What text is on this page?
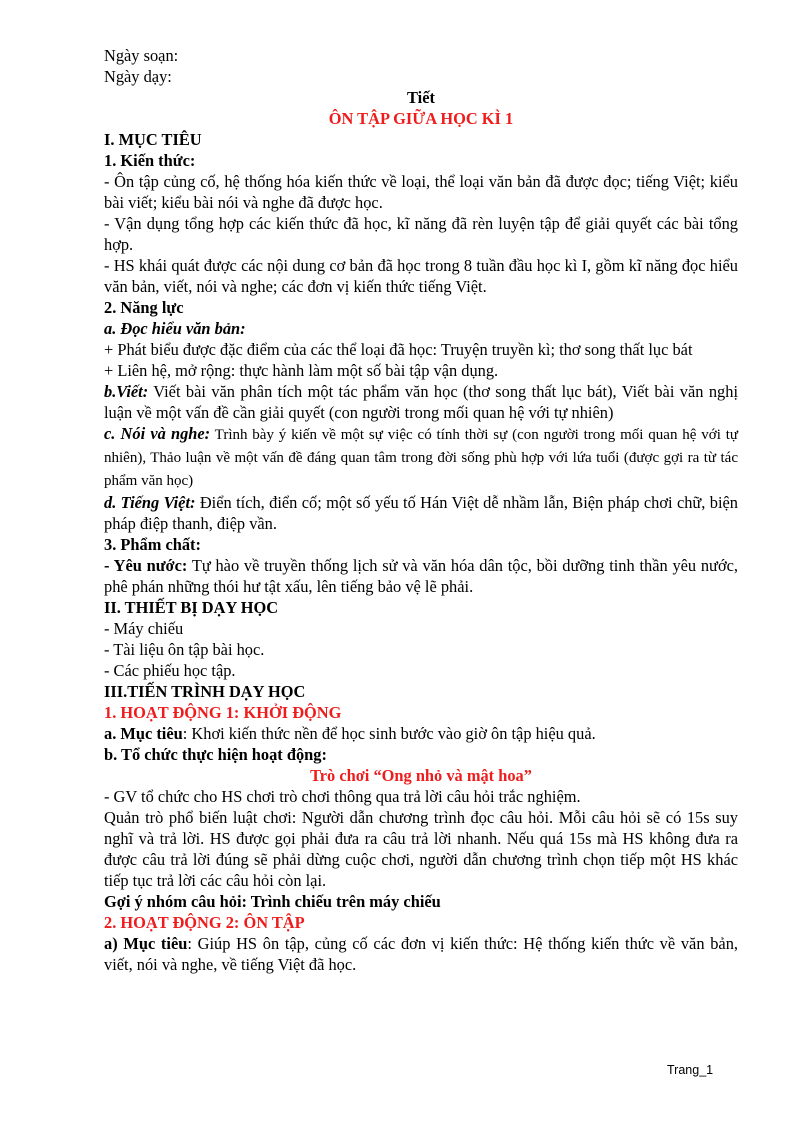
Ngày soạn:

Ngày dạy:

Tiết

ÔN TẬP GIỮA HỌC KÌ 1

I. MỤC TIÊU

1. Kiến thức:

- Ôn tập củng cố, hệ thống hóa kiến thức về loại, thể loại văn bản đã được đọc; tiếng Việt; kiểu bài viết; kiểu bài nói và nghe đã được học.

- Vận dụng tổng hợp các kiến thức đã học, kĩ năng đã rèn luyện tập để giải quyết các bài tổng hợp.

- HS khái quát được các nội dung cơ bản đã học trong 8 tuần đầu học kì I, gồm kĩ năng đọc hiểu văn bản, viết, nói và nghe; các đơn vị kiến thức tiếng Việt.

2. Năng lực

a. Đọc hiểu văn bản:

+ Phát biểu được đặc điểm của các thể loại đã học: Truyện truyền kì; thơ song thất lục bát

+ Liên hệ, mở rộng: thực hành làm một số bài tập vận dụng.

b.Viết: Viết bài văn phân tích một tác phẩm văn học (thơ song thất lục bát), Viết bài văn nghị luận về một vấn đề cần giải quyết (con người trong mối quan hệ với tự nhiên)

c. Nói và nghe: Trình bày ý kiến về một sự việc có tính thời sự (con người trong mối quan hệ với tự nhiên), Thảo luận về một vấn đề đáng quan tâm trong đời sống phù hợp với lứa tuổi (được gợi ra từ tác phẩm văn học)

d. Tiếng Việt: Điển tích, điển cố; một số yếu tố Hán Việt dễ nhầm lẫn, Biện pháp chơi chữ, biện pháp điệp thanh, điệp vần.

3. Phẩm chất:

- Yêu nước: Tự hào về truyền thống lịch sử và văn hóa dân tộc, bồi dưỡng tinh thần yêu nước, phê phán những thói hư tật xấu, lên tiếng bảo vệ lẽ phải.

II. THIẾT BỊ DẠY HỌC

- Máy chiếu

- Tài liệu ôn tập bài học.

- Các phiếu học tập.

III.TIẾN TRÌNH DẠY HỌC

1. HOẠT ĐỘNG 1: KHỞI ĐỘNG

a. Mục tiêu: Khơi kiến thức nền để học sinh bước vào giờ ôn tập hiệu quả.

b. Tổ chức thực hiện hoạt động:

Trò chơi “Ong nhỏ và mật hoa”

- GV tổ chức cho HS chơi trò chơi thông qua trả lời câu hỏi trắc nghiệm.

Quản trò phổ biến luật chơi: Người dẫn chương trình đọc câu hỏi. Mỗi câu hỏi sẽ có 15s suy nghĩ và trả lời. HS được gọi phải đưa ra câu trả lời nhanh. Nếu quá 15s mà HS không đưa ra được câu trả lời đúng sẽ phải dừng cuộc chơi, người dẫn chương trình chọn tiếp một HS khác tiếp tục trả lời các câu hỏi còn lại.

Gợi ý nhóm câu hỏi: Trình chiếu trên máy chiếu

2. HOẠT ĐỘNG 2: ÔN TẬP

a) Mục tiêu: Giúp HS ôn tập, củng cố các đơn vị kiến thức: Hệ thống kiến thức về văn bản, viết, nói và nghe, về tiếng Việt đã học.

Trang_1
